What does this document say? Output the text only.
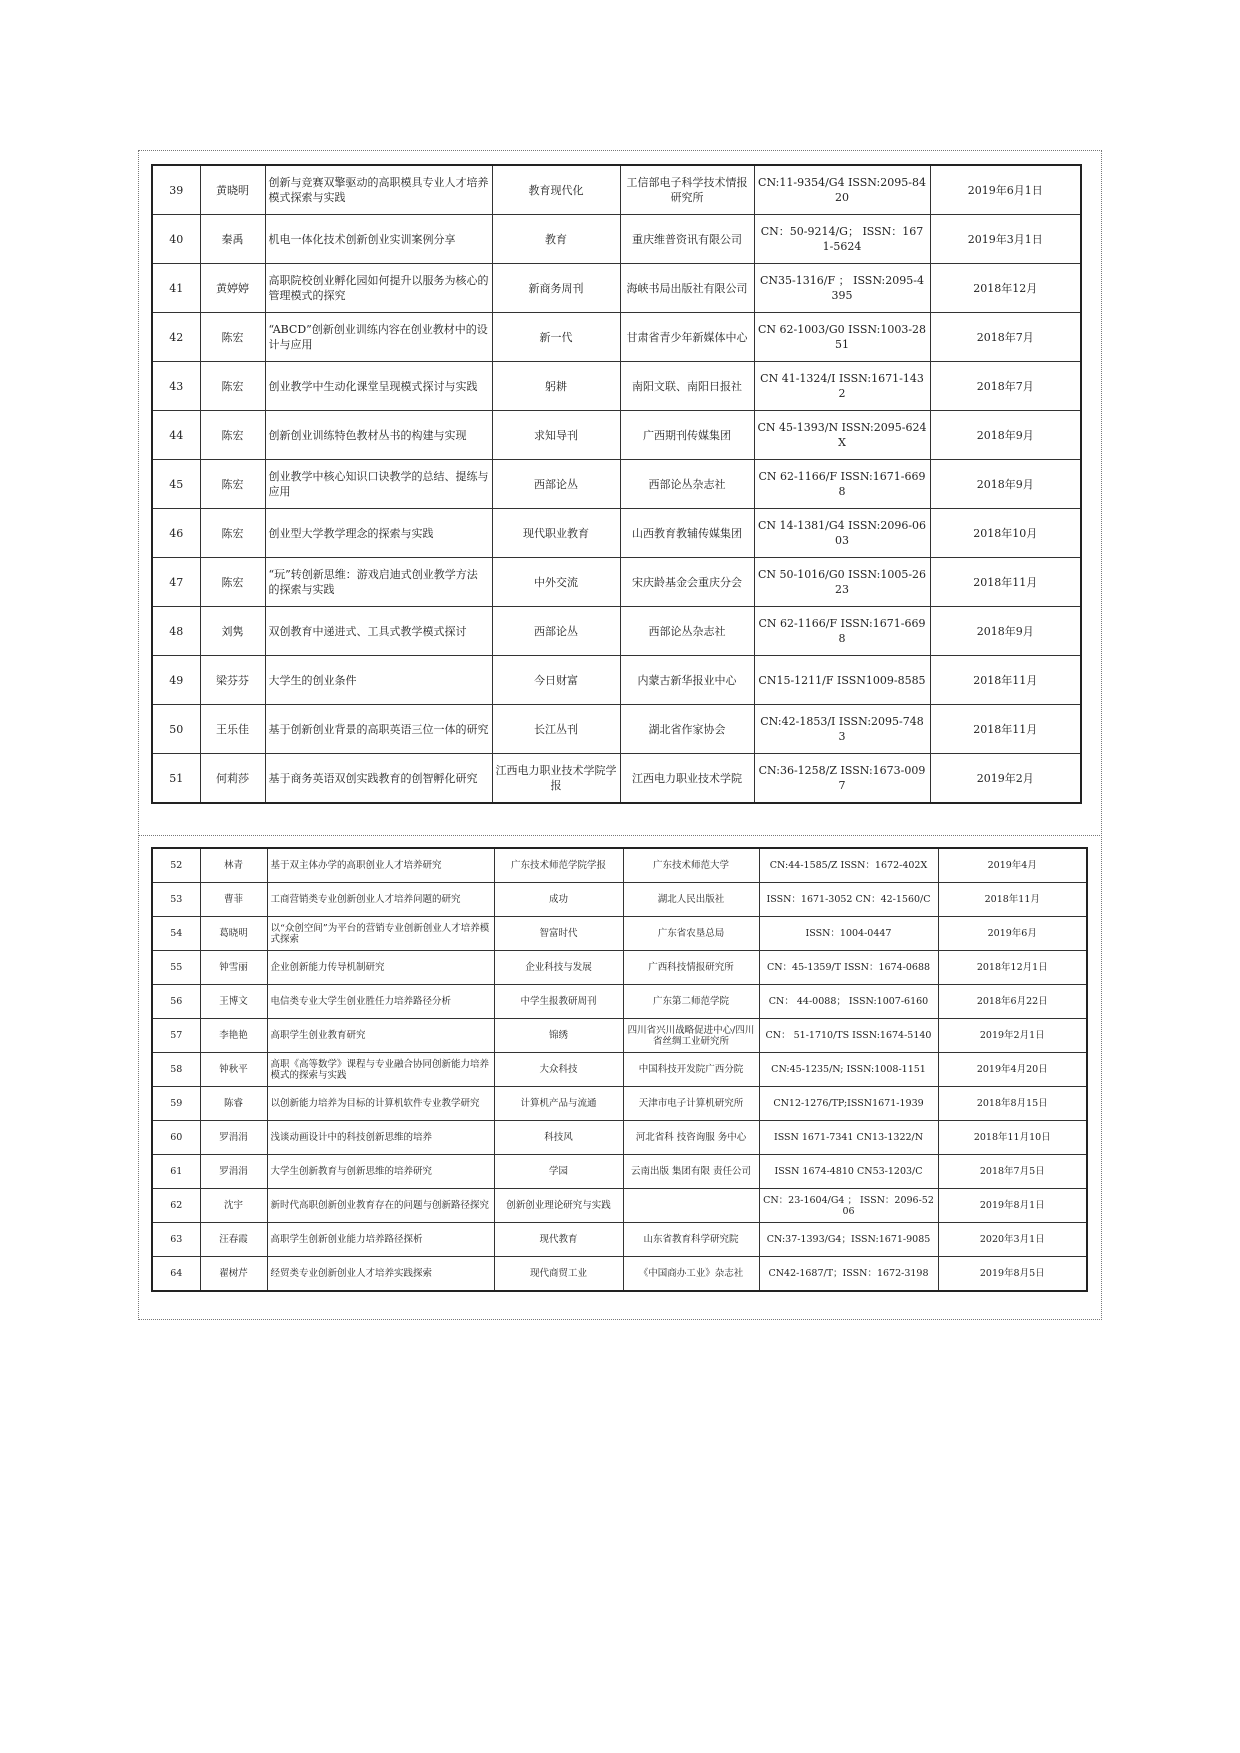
39	黄晓明	创新与竞赛双擎驱动的高职模具专业人才培养模式探索与实践	教育现代化	工信部电子科学技术情报研究所	CN:11-9354/G4 ISSN:2095-8420	2019年6月1日
40	秦禹	机电一体化技术创新创业实训案例分享	教育	重庆维普资讯有限公司	CN：50-9214/G； ISSN：1671-5624	2019年3月1日
41	黄婷婷	高职院校创业孵化园如何提升以服务为核心的管理模式的探究	新商务周刊	海峡书局出版社有限公司	CN35-1316/F ； ISSN:2095-4395	2018年12月
42	陈宏	“ABCD”创新创业训练内容在创业教材中的设计与应用	新一代	甘肃省青少年新媒体中心	CN 62-1003/G0 ISSN:1003-2851	2018年7月
43	陈宏	创业教学中生动化课堂呈现模式探讨与实践	躬耕	南阳文联、南阳日报社	CN 41-1324/I ISSN:1671-1432	2018年7月
44	陈宏	创新创业训练特色教材丛书的构建与实现	求知导刊	广西期刊传媒集团	CN 45-1393/N ISSN:2095-624X	2018年9月
45	陈宏	创业教学中核心知识口诀教学的总结、提练与应用	西部论丛	西部论丛杂志社	CN 62-1166/F ISSN:1671-6698	2018年9月
46	陈宏	创业型大学教学理念的探索与实践	现代职业教育	山西教育教辅传媒集团	CN 14-1381/G4 ISSN:2096-0603	2018年10月
47	陈宏	“玩”转创新思维：游戏启迪式创业教学方法的探索与实践	中外交流	宋庆龄基金会重庆分会	CN 50-1016/G0 ISSN:1005-2623	2018年11月
48	刘隽	双创教育中递进式、工具式教学模式探讨	西部论丛	西部论丛杂志社	CN 62-1166/F ISSN:1671-6698	2018年9月
49	梁芬芬	大学生的创业条件	今日财富	内蒙古新华报业中心	CN15-1211/F ISSN1009-8585	2018年11月
50	王乐佳	基于创新创业背景的高职英语三位一体的研究	长江丛刊	湖北省作家协会	CN:42-1853/I ISSN:2095-7483	2018年11月
51	何莉莎	基于商务英语双创实践教育的创智孵化研究	江西电力职业技术学院学报	江西电力职业技术学院	CN:36-1258/Z ISSN:1673-0097	2019年2月
52	林青	基于双主体办学的高职创业人才培养研究	广东技术师范学院学报	广东技术师范大学	CN:44-1585/Z ISSN：1672-402X	2019年4月
53	曹菲	工商营销类专业创新创业人才培养问题的研究	成功	湖北人民出版社	ISSN：1671-3052 CN：42-1560/C	2018年11月
54	葛晓明	以“众创空间”为平台的营销专业创新创业人才培养模式探索	智富时代	广东省农垦总局	ISSN：1004-0447	2019年6月
55	钟雪丽	企业创新能力传导机制研究	企业科技与发展	广西科技情报研究所	CN：45-1359/T ISSN：1674-0688	2018年12月1日
56	王博文	电信类专业大学生创业胜任力培养路径分析	中学生报教研周刊	广东第二师范学院	CN： 44-0088； ISSN:1007-6160	2018年6月22日
57	李艳艳	高职学生创业教育研究	锦绣	四川省兴川战略促进中心/四川省丝绸工业研究所	CN： 51-1710/TS ISSN:1674-5140	2019年2月1日
58	钟秋平	高职《高等数学》课程与专业融合协同创新能力培养模式的探索与实践	大众科技	中国科技开发院广西分院	CN:45-1235/N; ISSN:1008-1151	2019年4月20日
59	陈睿	以创新能力培养为目标的计算机软件专业教学研究	计算机产品与流通	天津市电子计算机研究所	CN12-1276/TP;ISSN1671-1939	2018年8月15日
60	罗涓涓	浅谈动画设计中的科技创新思维的培养	科技风	河北省科 技咨询服 务中心	ISSN 1671-7341 CN13-1322/N	2018年11月10日
61	罗涓涓	大学生创新教育与创新思维的培养研究	学园	云南出版 集团有限 责任公司	ISSN 1674-4810 CN53-1203/C	2018年7月5日
62	沈宇	新时代高职创新创业教育存在的问题与创新路径探究	创新创业理论研究与实践		CN：23-1604/G4 ； ISSN：2096-5206	2019年8月1日
63	汪春霞	高职学生创新创业能力培养路径探析	现代教育	山东省教育科学研究院	CN:37-1393/G4；ISSN:1671-9085	2020年3月1日
64	翟树芹	经贸类专业创新创业人才培养实践探索	现代商贸工业	《中国商办工业》杂志社	CN42-1687/T；ISSN：1672-3198	2019年8月5日
